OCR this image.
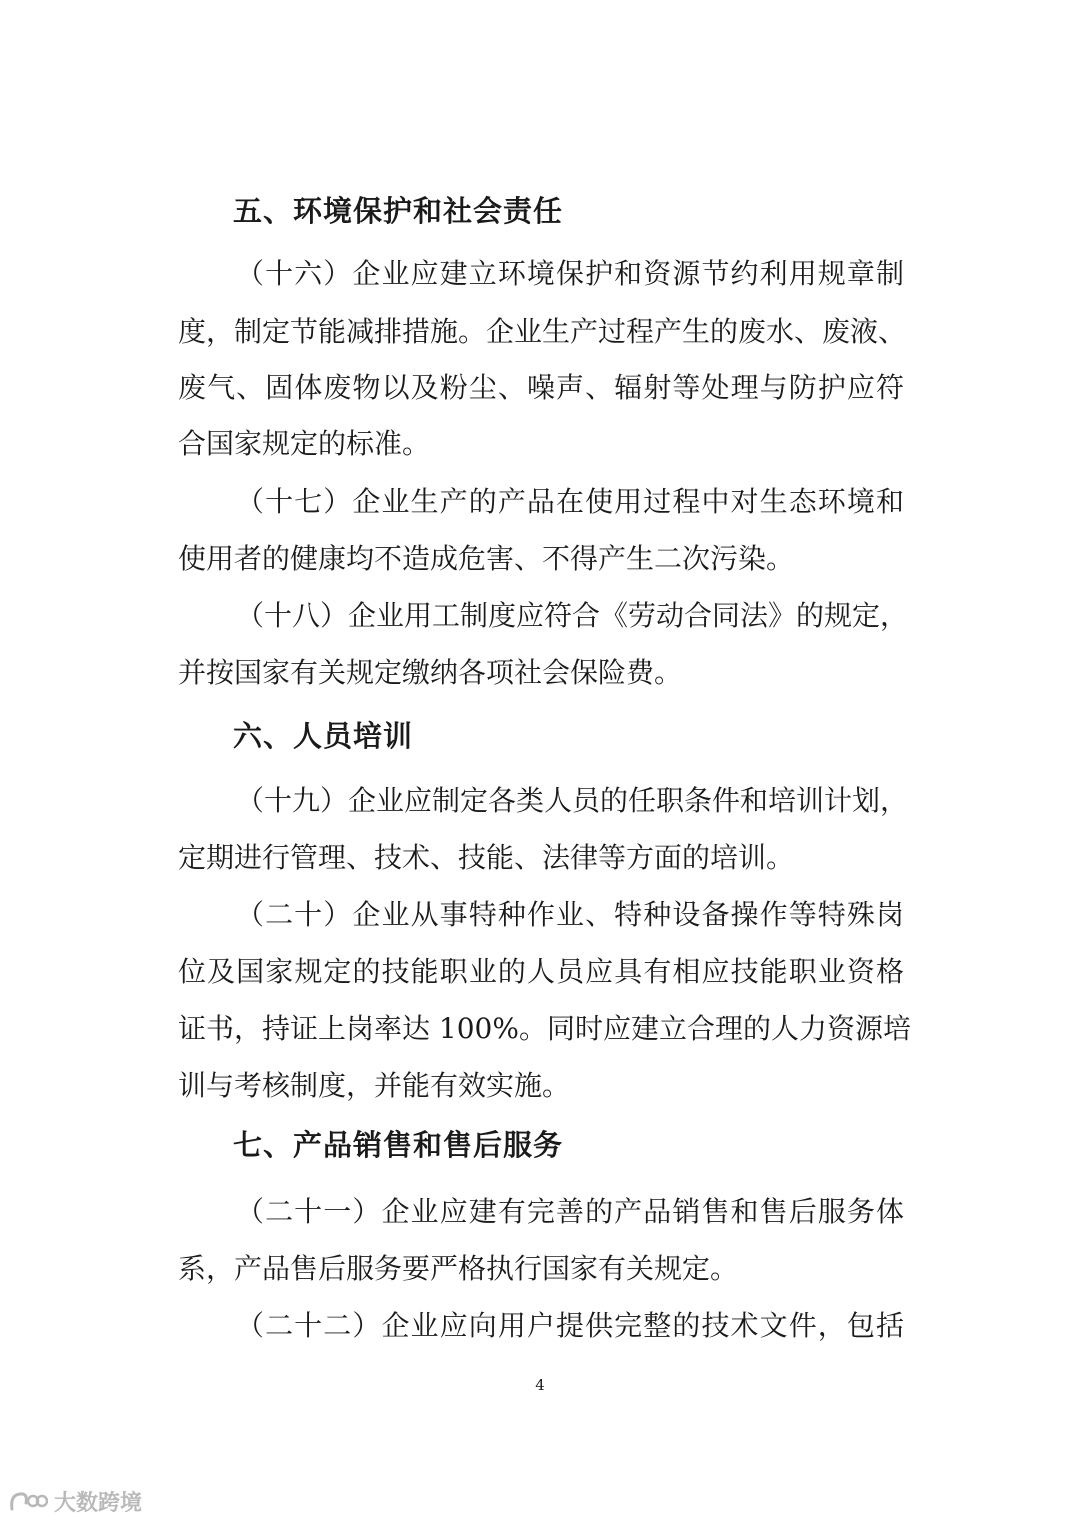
五、环境保护和社会责任
（十六）企业应建立环境保护和资源节约利用规章制
度，制定节能减排措施。企业生产过程产生的废水、废液、
废气、固体废物以及粉尘、噪声、辐射等处理与防护应符
合国家规定的标准。
（十七）企业生产的产品在使用过程中对生态环境和
使用者的健康均不造成危害、不得产生二次污染。
（十八）企业用工制度应符合《劳动合同法》的规定，
并按国家有关规定缴纳各项社会保险费。
六、人员培训
（十九）企业应制定各类人员的任职条件和培训计划，
定期进行管理、技术、技能、法律等方面的培训。
（二十）企业从事特种作业、特种设备操作等特殊岗
位及国家规定的技能职业的人员应具有相应技能职业资格
证书，持证上岗率达 100%。同时应建立合理的人力资源培
训与考核制度，并能有效实施。
七、产品销售和售后服务
（二十一）企业应建有完善的产品销售和售后服务体
系，产品售后服务要严格执行国家有关规定。
（二十二）企业应向用户提供完整的技术文件，包括
4
大数跨境
